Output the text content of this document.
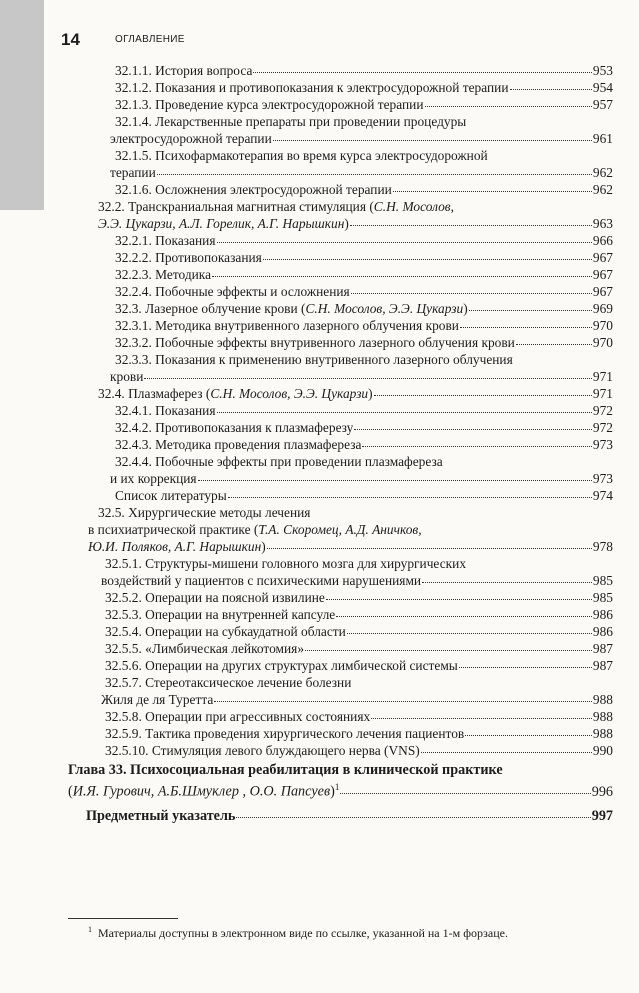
14	ОГЛАВЛЕНИЕ
32.1.1. История вопроса	953
32.1.2. Показания и противопоказания к электросудорожной терапии	954
32.1.3. Проведение курса электросудорожной терапии	957
32.1.4. Лекарственные препараты при проведении процедуры
электросудорожной терапии	961
32.1.5. Психофармакотерапия во время курса электросудорожной
терапии	962
32.1.6. Осложнения электросудорожной терапии	962
32.2. Транскраниальная магнитная стимуляция (С.Н. Мосолов,
Э.Э. Цукарзи, А.Л. Горелик, А.Г. Нарышкин)	963
32.2.1. Показания	966
32.2.2. Противопоказания	967
32.2.3. Методика	967
32.2.4. Побочные эффекты и осложнения	967
32.3. Лазерное облучение крови (С.Н. Мосолов, Э.Э. Цукарзи)	969
32.3.1. Методика внутривенного лазерного облучения крови	970
32.3.2. Побочные эффекты внутривенного лазерного облучения крови	970
32.3.3. Показания к применению внутривенного лазерного облучения
крови	971
32.4. Плазмаферез (С.Н. Мосолов, Э.Э. Цукарзи)	971
32.4.1. Показания	972
32.4.2. Противопоказания к плазмаферезу	972
32.4.3. Методика проведения плазмафереза	973
32.4.4. Побочные эффекты при проведении плазмафереза
и их коррекция	973
Список литературы	974
32.5. Хирургические методы лечения
в психиатрической практике (Т.А. Скоромец, А.Д. Аничков,
Ю.И. Поляков, А.Г. Нарышкин)	978
32.5.1. Структуры-мишени головного мозга для хирургических
воздействий у пациентов с психическими нарушениями	985
32.5.2. Операции на поясной извилине	985
32.5.3. Операции на внутренней капсуле	986
32.5.4. Операции на субкаудатной области	986
32.5.5. «Лимбическая лейкотомия»	987
32.5.6. Операции на других структурах лимбической системы	987
32.5.7. Стереотаксическое лечение болезни
Жиля де ля Туретта	988
32.5.8. Операции при агрессивных состояниях	988
32.5.9. Тактика проведения хирургического лечения пациентов	988
32.5.10. Стимуляция левого блуждающего нерва (VNS)	990
Глава 33. Психосоциальная реабилитация в клинической практике
(И.Я. Гурович, А.Б.Шмуклер , О.О. Папсуев)$^1$	996
Предметный указатель	997
$^1$ Материалы доступны в электронном виде по ссылке, указанной на 1-м форзаце.
